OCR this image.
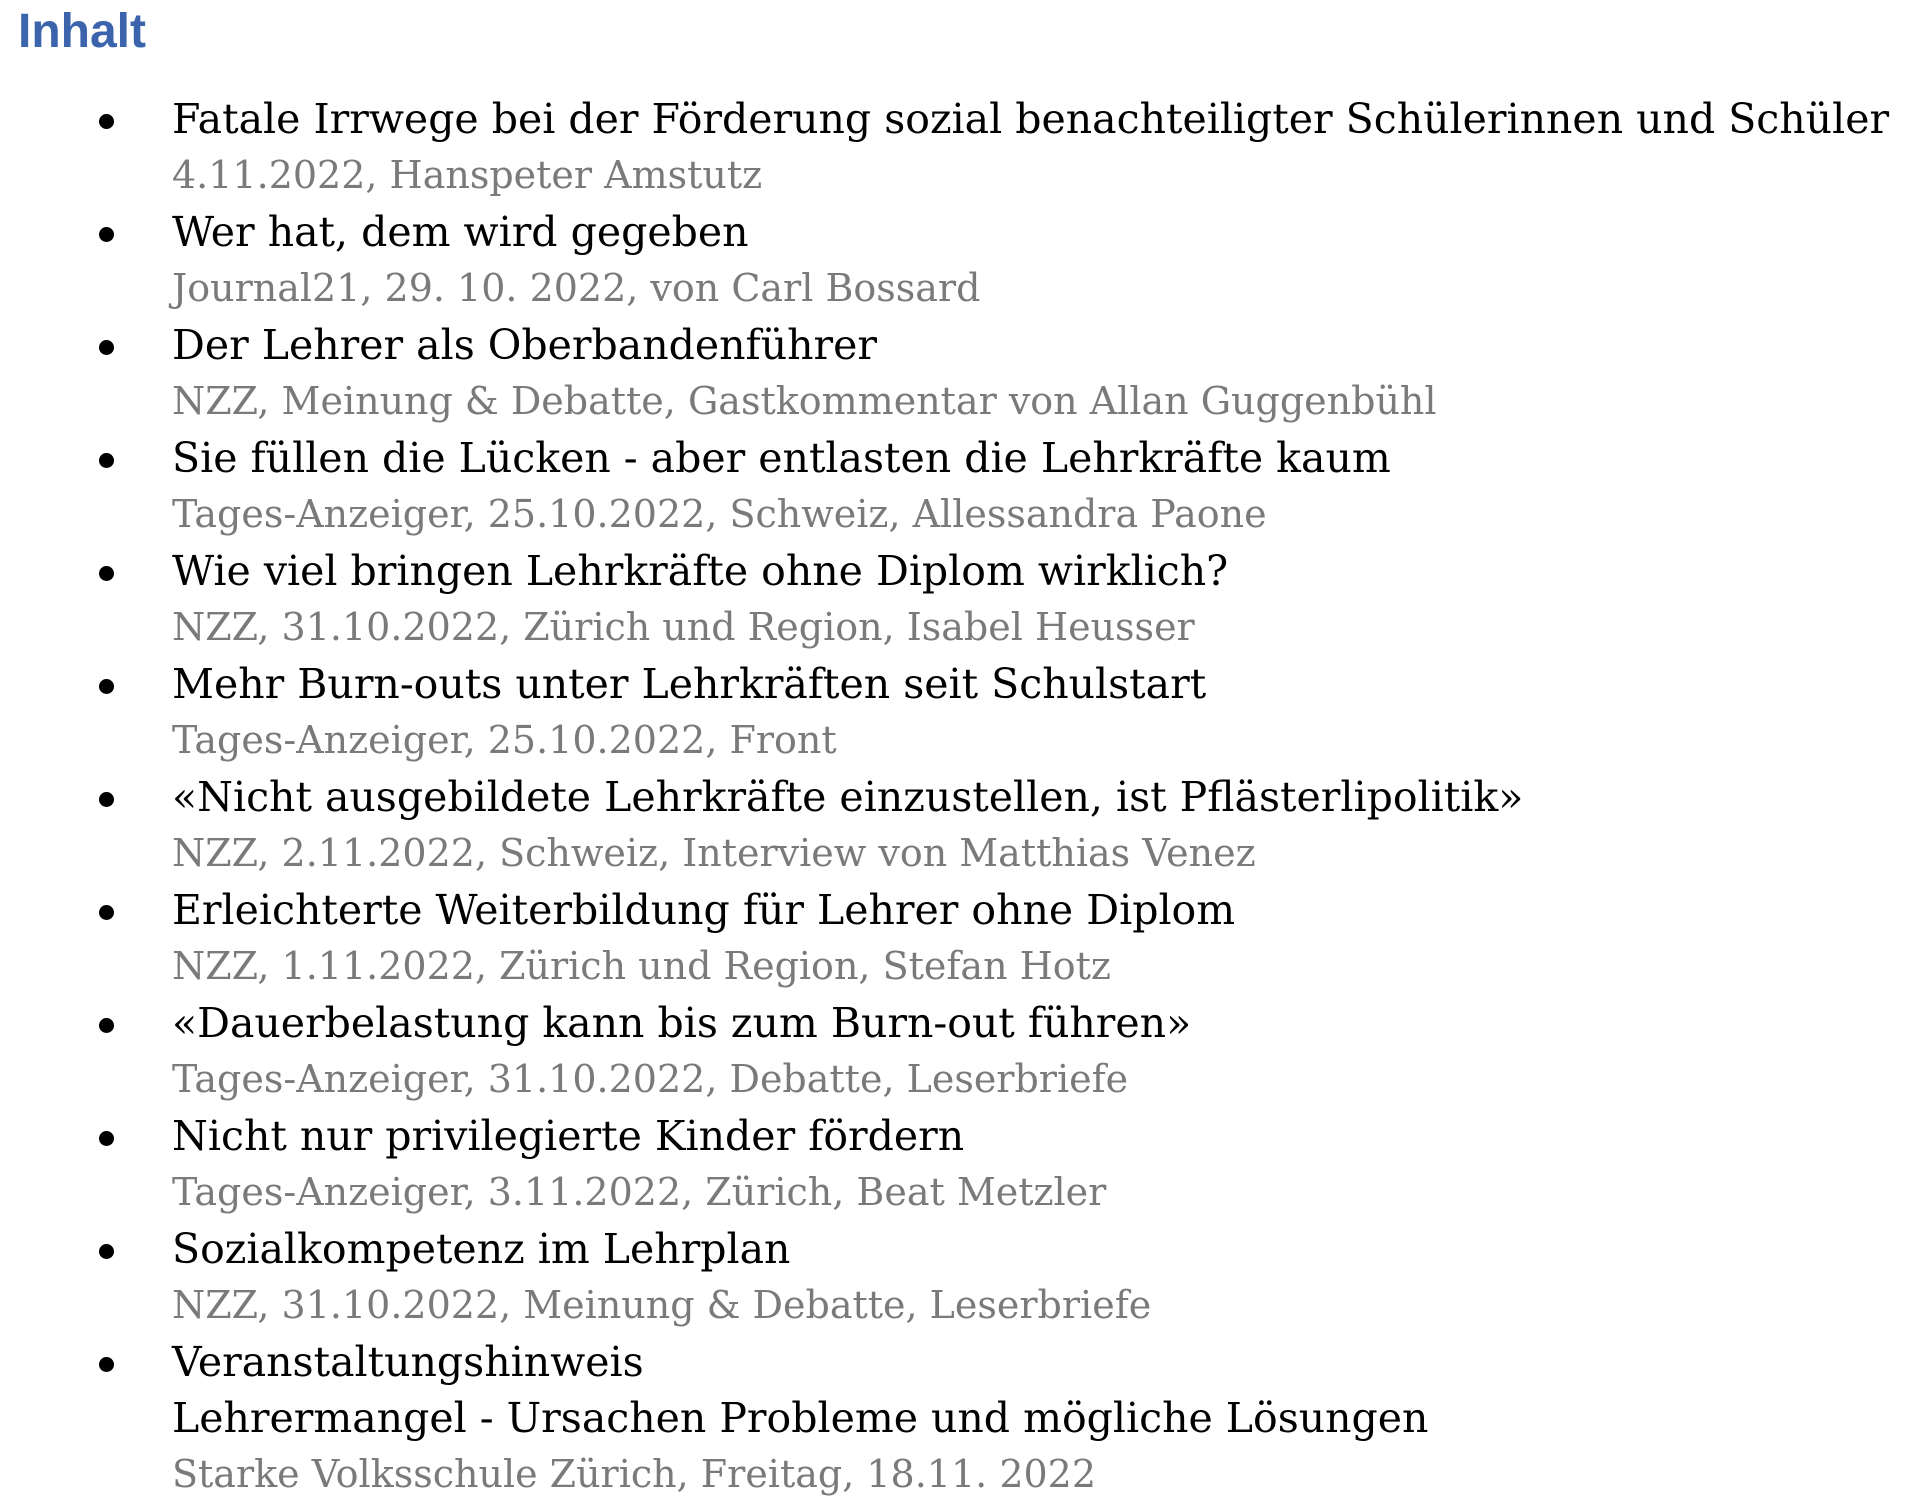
Inhalt
Fatale Irrwege bei der Förderung sozial benachteiligter Schülerinnen und Schüler
4.11.2022, Hanspeter Amstutz
Wer hat, dem wird gegeben
Journal21, 29. 10. 2022, von Carl Bossard
Der Lehrer als Oberbandenführer
NZZ, Meinung & Debatte, Gastkommentar von Allan Guggenbühl
Sie füllen die Lücken - aber entlasten die Lehrkräfte kaum
Tages-Anzeiger, 25.10.2022, Schweiz, Allessandra Paone
Wie viel bringen Lehrkräfte ohne Diplom wirklich?
NZZ, 31.10.2022, Zürich und Region, Isabel Heusser
Mehr Burn-outs unter Lehrkräften seit Schulstart
Tages-Anzeiger, 25.10.2022, Front
«Nicht ausgebildete Lehrkräfte einzustellen, ist Pflästerlipolitik»
NZZ, 2.11.2022, Schweiz, Interview von Matthias Venez
Erleichterte Weiterbildung für Lehrer ohne Diplom
NZZ, 1.11.2022, Zürich und Region, Stefan Hotz
«Dauerbelastung kann bis zum Burn-out führen»
Tages-Anzeiger, 31.10.2022, Debatte, Leserbriefe
Nicht nur privilegierte Kinder fördern
Tages-Anzeiger, 3.11.2022, Zürich, Beat Metzler
Sozialkompetenz im Lehrplan
NZZ, 31.10.2022, Meinung & Debatte, Leserbriefe
Veranstaltungshinweis
Lehrermangel - Ursachen Probleme und mögliche Lösungen
Starke Volksschule Zürich, Freitag, 18.11. 2022
